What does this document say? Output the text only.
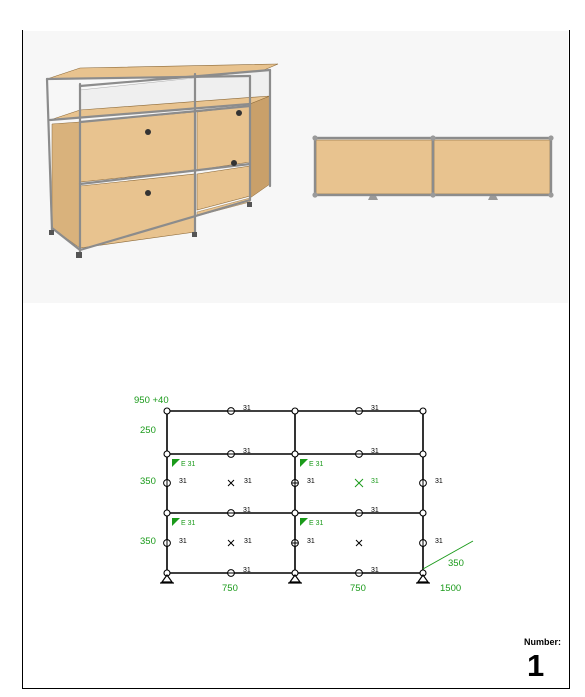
31	31
31	31
31	31	31	31
31	31
31	31	31	31
31	31
31
E 31	E 31
E 31	E 31
950 +40
250
350
350
750	750	1500
350
Number:
1
